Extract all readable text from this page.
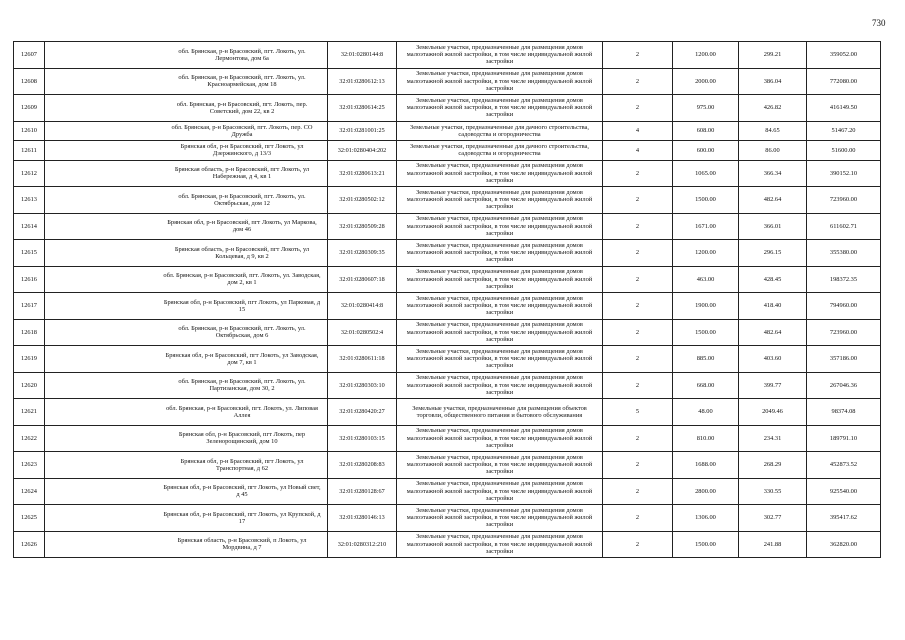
730
12607	обл. Брянская, р-н Брасовский, пгт. Локоть, ул. Лермонтова, дом 6а	32:01:0280144:8	Земельные участки, предназначенные для размещения домов малоэтажной жилой застройки, в том числе индивидуальной жилой застройки	2	1200.00	299.21	359052.00
12608	обл. Брянская, р-н Брасовский, пгт. Локоть, ул. Красноармейская, дом 18	32:01:0280612:13	Земельные участки, предназначенные для размещения домов малоэтажной жилой застройки, в том числе индивидуальной жилой застройки	2	2000.00	386.04	772080.00
12609	обл. Брянская, р-н Брасовский, пгт. Локоть, пер. Советский, дом 22, кв 2	32:01:0280614:25	Земельные участки, предназначенные для размещения домов малоэтажной жилой застройки, в том числе индивидуальной жилой застройки	2	975.00	426.82	416149.50
12610	обл. Брянская, р-н Брасовский, пгт. Локоть, пер. СО Дружба	32:01:0281001:25	Земельные участки, предназначенные для дачного строительства, садоводства и огородничества	4	608.00	84.65	51467.20
12611	Брянская обл, р-н Брасовский, пгт Локоть, ул Дзержинского, д 13/3	32:01:0280404:202	Земельные участки, предназначенные для дачного строительства, садоводства и огородничества	4	600.00	86.00	51600.00
12612	Брянская область, р-н Брасовский, пгт Локоть, ул Набережная, д 4, кв 1	32:01:0280613:21	Земельные участки, предназначенные для размещения домов малоэтажной жилой застройки, в том числе индивидуальной жилой застройки	2	1065.00	366.34	390152.10
12613	обл. Брянская, р-н Брасовский, пгт. Локоть, ул. Октябрьская, дом 12	32:01:0280502:12	Земельные участки, предназначенные для размещения домов малоэтажной жилой застройки, в том числе индивидуальной жилой застройки	2	1500.00	482.64	723960.00
12614	Брянская обл, р-н Брасовский, пгт Локоть, ул Маркова, дом 46	32:01:0280509:28	Земельные участки, предназначенные для размещения домов малоэтажной жилой застройки, в том числе индивидуальной жилой застройки	2	1671.00	366.01	611602.71
12615	Брянская область, р-н Брасовский, пгт Локоть, ул Кольцевая, д 9, кв 2	32:01:0280309:35	Земельные участки, предназначенные для размещения домов малоэтажной жилой застройки, в том числе индивидуальной жилой застройки	2	1200.00	296.15	355380.00
12616	обл. Брянская, р-н Брасовский, пгт. Локоть, ул. Заводская, дом 2, кв 1	32:01:0280607:18	Земельные участки, предназначенные для размещения домов малоэтажной жилой застройки, в том числе индивидуальной жилой застройки	2	463.00	428.45	198372.35
12617	Брянская обл, р-н Брасовский, пгт Локоть, ул Парковая, д 15	32:01:0280414:8	Земельные участки, предназначенные для размещения домов малоэтажной жилой застройки, в том числе индивидуальной жилой застройки	2	1900.00	418.40	794960.00
12618	обл. Брянская, р-н Брасовский, пгт. Локоть, ул. Октябрьская, дом 6	32:01:0280502:4	Земельные участки, предназначенные для размещения домов малоэтажной жилой застройки, в том числе индивидуальной жилой застройки	2	1500.00	482.64	723960.00
12619	Брянская обл, р-н Брасовский, пгт Локоть, ул Заводская, дом 7, кв 1	32:01:0280611:18	Земельные участки, предназначенные для размещения домов малоэтажной жилой застройки, в том числе индивидуальной жилой застройки	2	885.00	403.60	357186.00
12620	обл. Брянская, р-н Брасовский, пгт. Локоть, ул. Партизанская, дом 30, 2	32:01:0280303:10	Земельные участки, предназначенные для размещения домов малоэтажной жилой застройки, в том числе индивидуальной жилой застройки	2	668.00	399.77	267046.36
12621	обл. Брянская, р-н Брасовский, пгт. Локоть, ул. Липовая Аллея	32:01:0280420:27	Земельные участки, предназначенные для размещения объектов торговли, общественного питания и бытового обслуживания	5	48.00	2049.46	98374.08
12622	Брянская обл, р-н Брасовский, пгт Локоть, пер Зеленорощинский, дом 10	32:01:0280103:15	Земельные участки, предназначенные для размещения домов малоэтажной жилой застройки, в том числе индивидуальной жилой застройки	2	810.00	234.31	189791.10
12623	Брянская обл, р-н Брасовский, пгт Локоть, ул Транспортная, д 62	32:01:0280208:83	Земельные участки, предназначенные для размещения домов малоэтажной жилой застройки, в том числе индивидуальной жилой застройки	2	1688.00	268.29	452873.52
12624	Брянская обл, р-н Брасовский, пгт Локоть, ул Новый свет, д 45	32:01:0280128:67	Земельные участки, предназначенные для размещения домов малоэтажной жилой застройки, в том числе индивидуальной жилой застройки	2	2800.00	330.55	925540.00
12625	Брянская обл, р-н Брасовский, пгт Локоть, ул Крупской, д 17	32:01:0280146:13	Земельные участки, предназначенные для размещения домов малоэтажной жилой застройки, в том числе индивидуальной жилой застройки	2	1306.00	302.77	395417.62
12626	Брянская область, р-н Брасовский, п Локоть, ул Мордвина, д 7	32:01:0280312:210	Земельные участки, предназначенные для размещения домов малоэтажной жилой застройки, в том числе индивидуальной жилой застройки	2	1500.00	241.88	362820.00
